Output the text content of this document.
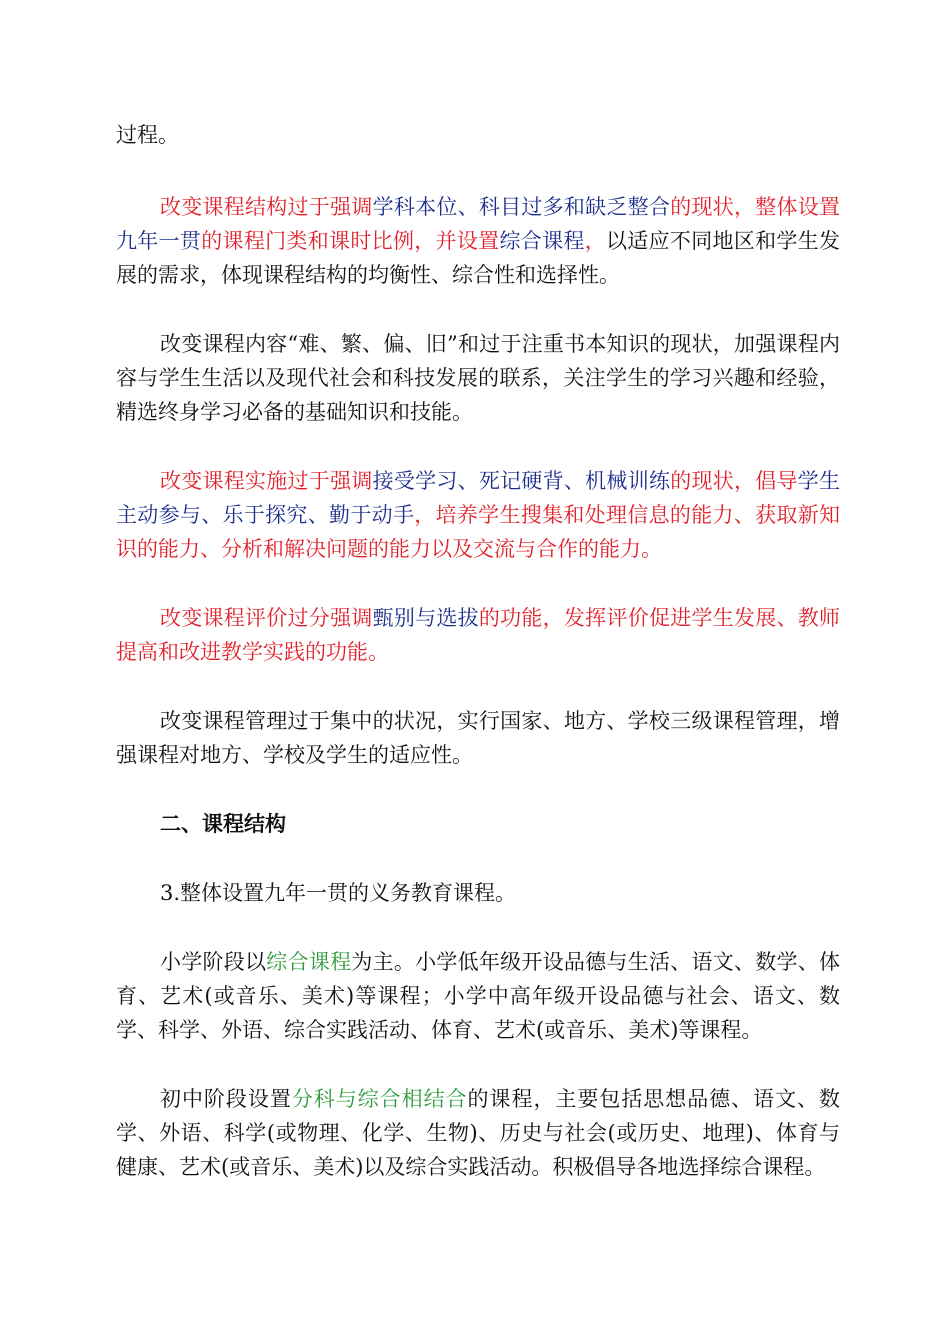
过程。

改变课程结构过于强调学科本位、科目过多和缺乏整合的现状，整体设置九年一贯的课程门类和课时比例，并设置综合课程，以适应不同地区和学生发展的需求，体现课程结构的均衡性、综合性和选择性。

改变课程内容“难、繁、偏、旧”和过于注重书本知识的现状，加强课程内容与学生生活以及现代社会和科技发展的联系，关注学生的学习兴趣和经验，精选终身学习必备的基础知识和技能。

改变课程实施过于强调接受学习、死记硬背、机械训练的现状，倡导学生主动参与、乐于探究、勤于动手，培养学生搜集和处理信息的能力、获取新知识的能力、分析和解决问题的能力以及交流与合作的能力。

改变课程评价过分强调甄别与选拔的功能，发挥评价促进学生发展、教师提高和改进教学实践的功能。

改变课程管理过于集中的状况，实行国家、地方、学校三级课程管理，增强课程对地方、学校及学生的适应性。

二、课程结构

3.整体设置九年一贯的义务教育课程。

小学阶段以综合课程为主。小学低年级开设品德与生活、语文、数学、体育、艺术(或音乐、美术)等课程；小学中高年级开设品德与社会、语文、数学、科学、外语、综合实践活动、体育、艺术(或音乐、美术)等课程。

初中阶段设置分科与综合相结合的课程，主要包括思想品德、语文、数学、外语、科学(或物理、化学、生物)、历史与社会(或历史、地理)、体育与健康、艺术(或音乐、美术)以及综合实践活动。积极倡导各地选择综合课程。
